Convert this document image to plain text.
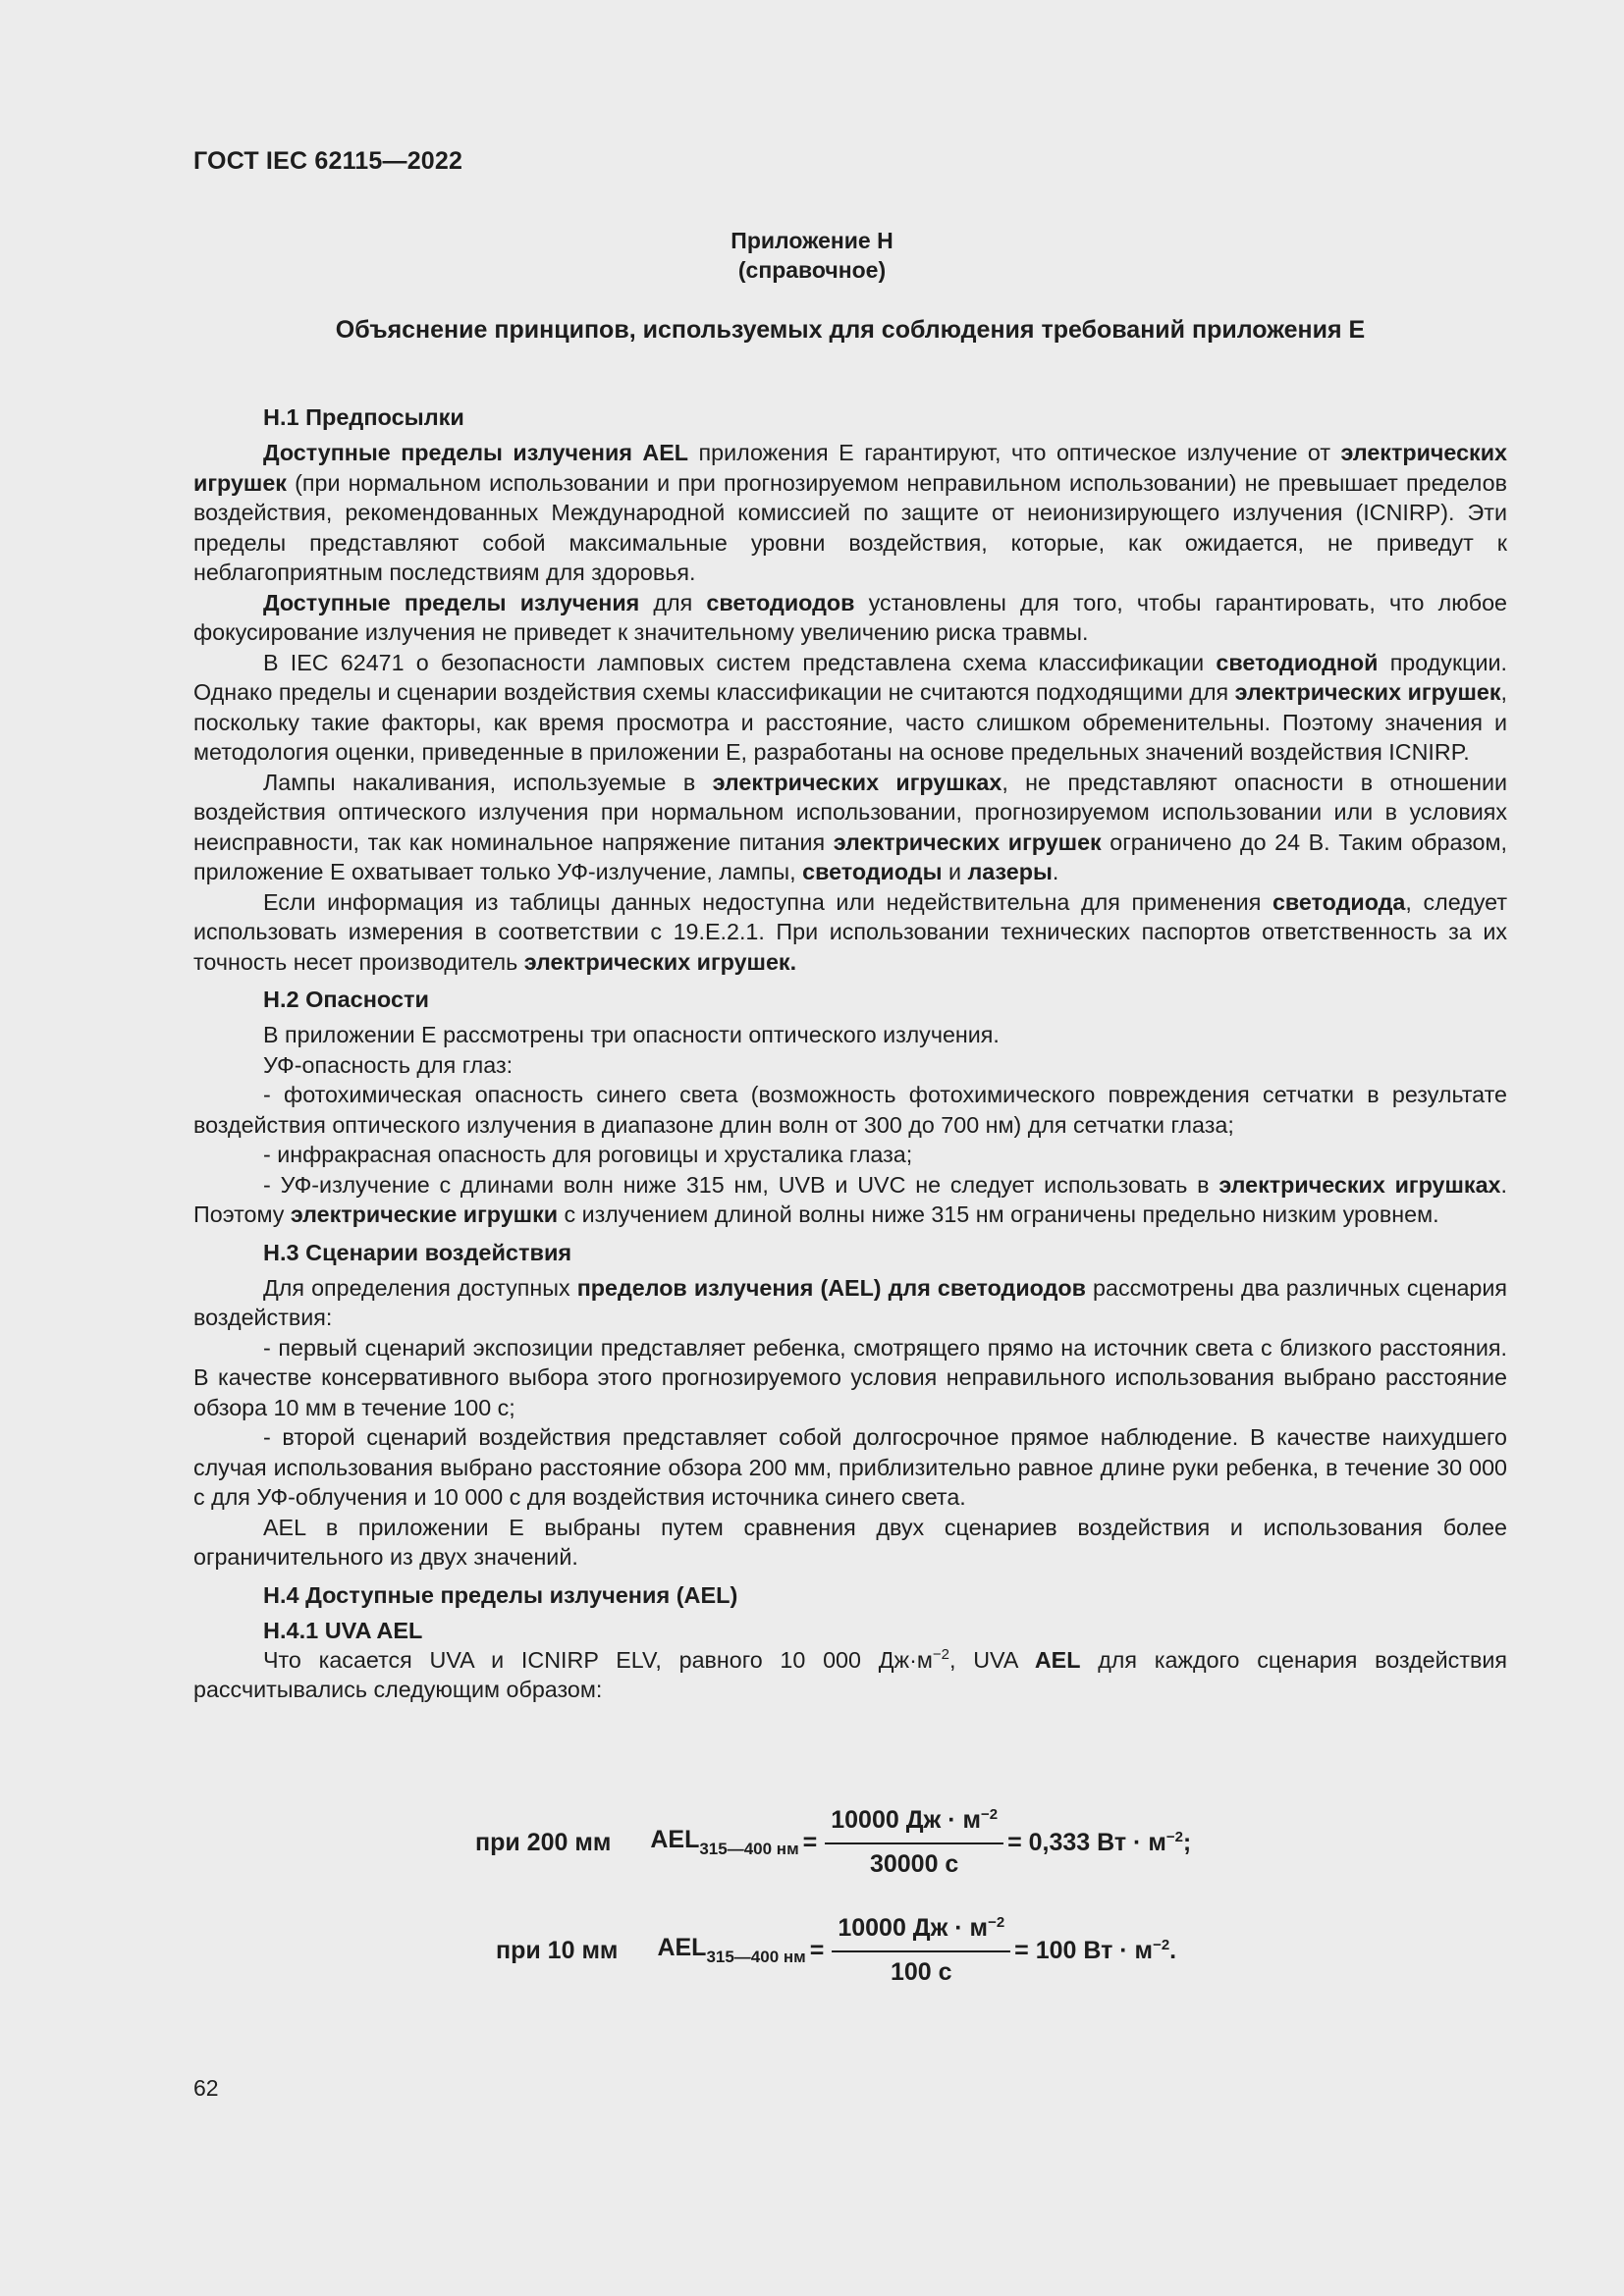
ГОСТ IEC 62115—2022
Приложение Н
(справочное)
Объяснение принципов, используемых для соблюдения требований приложения Е
Н.1 Предпосылки

Доступные пределы излучения AEL приложения Е гарантируют, что оптическое излучение от электрических игрушек (при нормальном использовании и при прогнозируемом неправильном использовании) не превышает пределов воздействия, рекомендованных Международной комиссией по защите от неионизирующего излучения (ICNIRP). Эти пределы представляют собой максимальные уровни воздействия, которые, как ожидается, не приведут к неблагоприятным последствиям для здоровья.

Доступные пределы излучения для светодиодов установлены для того, чтобы гарантировать, что любое фокусирование излучения не приведет к значительному увеличению риска травмы.

В IEC 62471 о безопасности ламповых систем представлена схема классификации светодиодной продукции. Однако пределы и сценарии воздействия схемы классификации не считаются подходящими для электрических игрушек, поскольку такие факторы, как время просмотра и расстояние, часто слишком обременительны. Поэтому значения и методология оценки, приведенные в приложении Е, разработаны на основе предельных значений воздействия ICNIRP.

Лампы накаливания, используемые в электрических игрушках, не представляют опасности в отношении воздействия оптического излучения при нормальном использовании, прогнозируемом использовании или в условиях неисправности, так как номинальное напряжение питания электрических игрушек ограничено до 24 В. Таким образом, приложение Е охватывает только УФ-излучение, лампы, светодиоды и лазеры.

Если информация из таблицы данных недоступна или недействительна для применения светодиода, следует использовать измерения в соответствии с 19.Е.2.1. При использовании технических паспортов ответственность за их точность несет производитель электрических игрушек.

Н.2 Опасности

В приложении Е рассмотрены три опасности оптического излучения.

УФ-опасность для глаз:

- фотохимическая опасность синего света (возможность фотохимического повреждения сетчатки в результате воздействия оптического излучения в диапазоне длин волн от 300 до 700 нм) для сетчатки глаза;

- инфракрасная опасность для роговицы и хрусталика глаза;

- УФ-излучение с длинами волн ниже 315 нм, UVB и UVC не следует использовать в электрических игрушках. Поэтому электрические игрушки с излучением длиной волны ниже 315 нм ограничены предельно низким уровнем.

Н.3 Сценарии воздействия

Для определения доступных пределов излучения (AEL) для светодиодов рассмотрены два различных сценария воздействия:

- первый сценарий экспозиции представляет ребенка, смотрящего прямо на источник света с близкого расстояния. В качестве консервативного выбора этого прогнозируемого условия неправильного использования выбрано расстояние обзора 10 мм в течение 100 с;

- второй сценарий воздействия представляет собой долгосрочное прямое наблюдение. В качестве наихудшего случая использования выбрано расстояние обзора 200 мм, приблизительно равное длине руки ребенка, в течение 30 000 с для УФ-облучения и 10 000 с для воздействия источника синего света.

AEL в приложении Е выбраны путем сравнения двух сценариев воздействия и использования более ограничительного из двух значений.

Н.4 Доступные пределы излучения (AEL)
Н.4.1 UVA AEL

Что касается UVA и ICNIRP ELV, равного 10 000 $Дж\cdot м^{-2}$, UVA AEL для каждого сценария воздействия рассчитывались следующим образом:

при 200 мм $AEL_{315—400 нм} = \frac{10000 Дж \cdot м^{-2}}{30000 с} = 0,333$ Вт · $м^{-2}$;
при 10 мм $AEL_{315—400 нм} = \frac{10000 Дж \cdot м^{-2}}{100 с} = 100$ Вт · $м^{-2}$.
62
